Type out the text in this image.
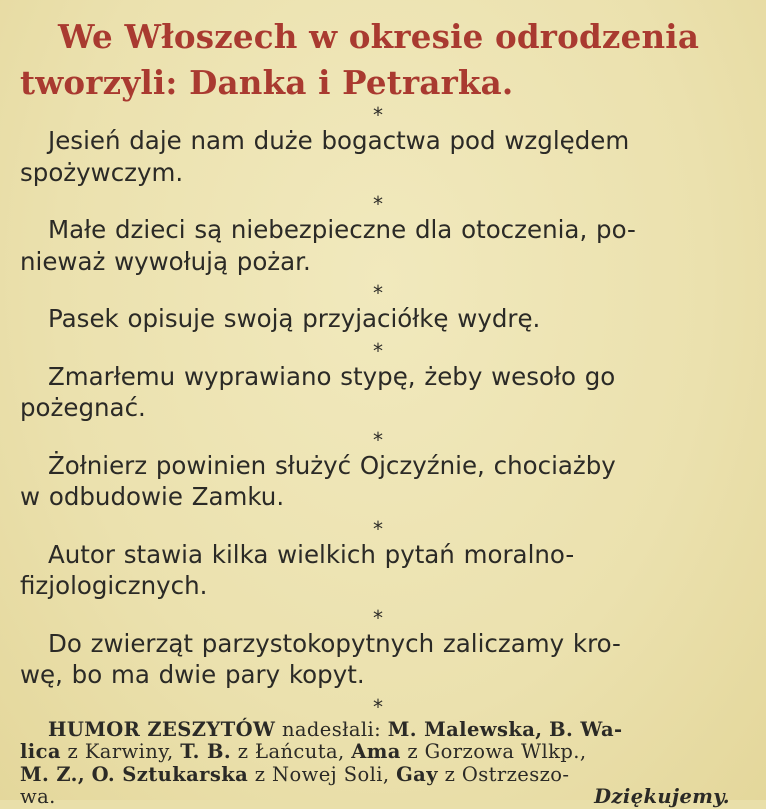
We Włoszech w okresie odrodzenia
tworzyli: Danka i Petrarka.
*
Jesień daje nam duże bogactwa pod względem
spożywczym.
*
Małe dzieci są niebezpieczne dla otoczenia, po-
nieważ wywołują pożar.
*
Pasek opisuje swoją przyjaciółkę wydrę.
*
Zmarłemu wyprawiano stypę, żeby wesoło go
pożegnać.
*
Żołnierz powinien służyć Ojczyźnie, chociażby
w odbudowie Zamku.
*
Autor stawia kilka wielkich pytań moralno-
fizjologicznych.
*
Do zwierząt parzystokopytnych zaliczamy kro-
wę, bo ma dwie pary kopyt.
*
HUMOR ZESZYTÓW nadesłali: M. Malewska, B. Wa-
lica z Karwiny, T. B. z Łańcuta, Ama z Gorzowa Wlkp.,
M. Z., O. Sztukarska z Nowej Soli, Gay z Ostrzeszo-
wa.	Dziękujemy.
